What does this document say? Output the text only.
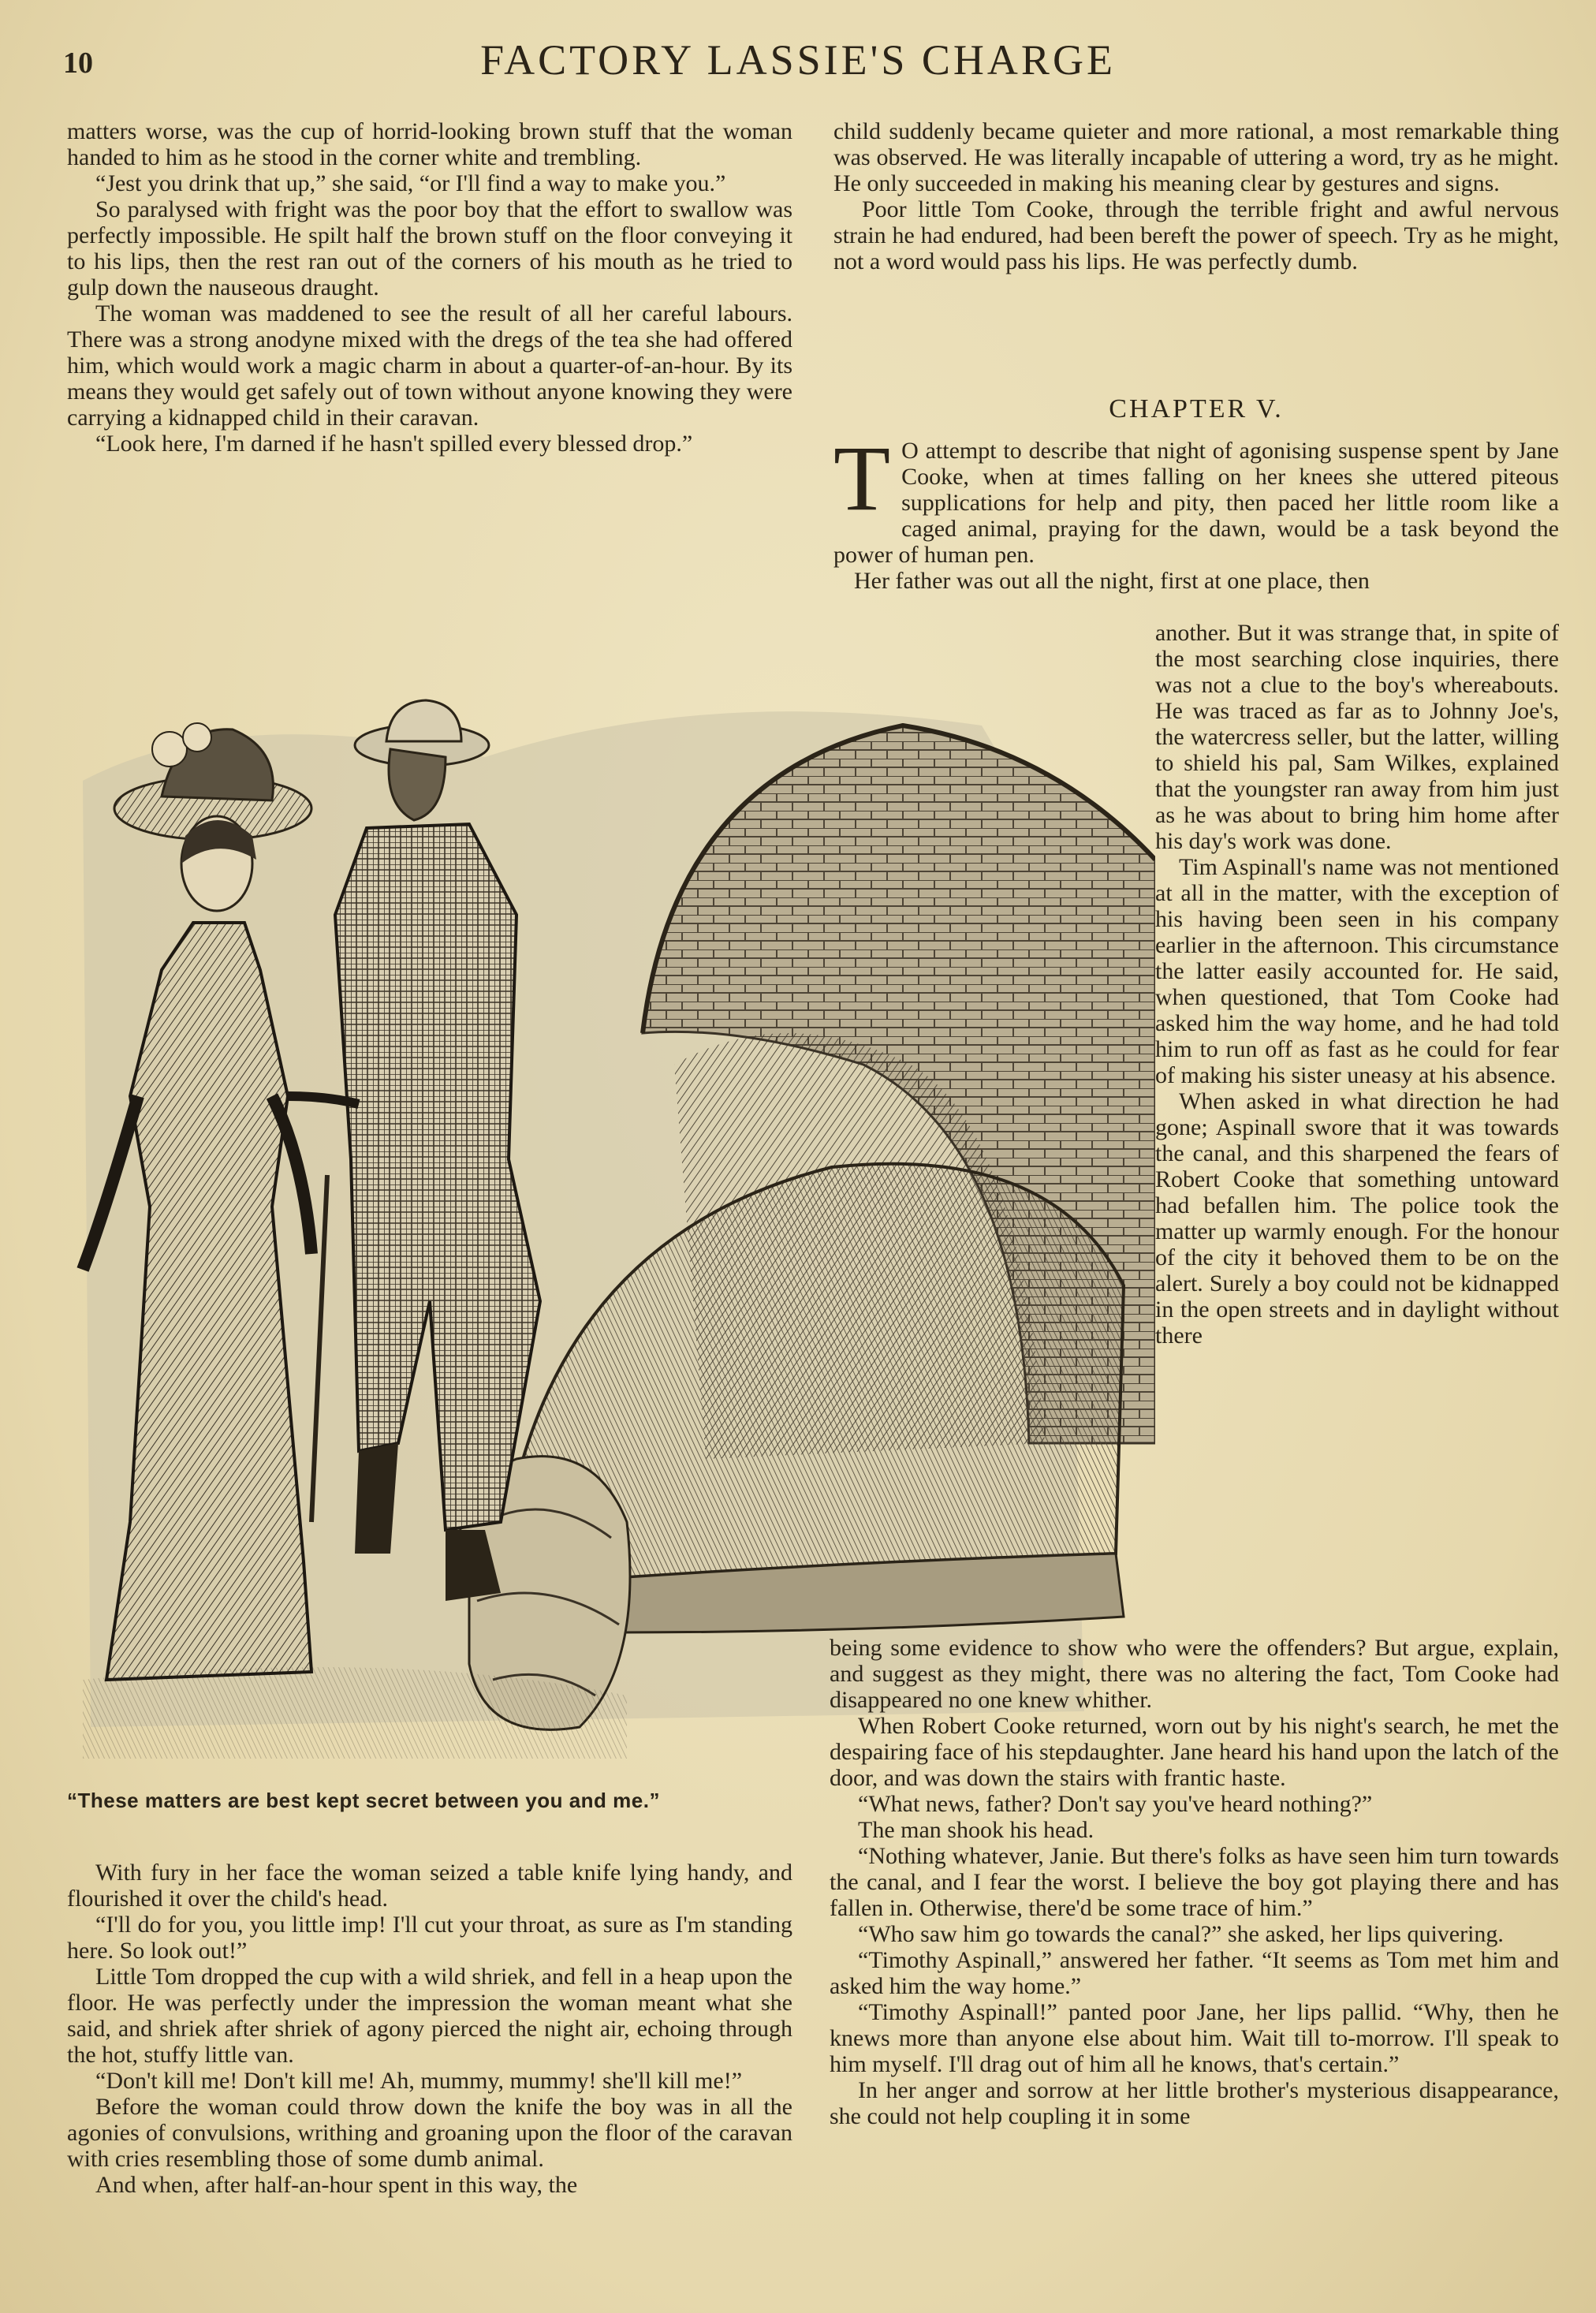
10	FACTORY LASSIE'S CHARGE

matters worse, was the cup of horrid-looking brown stuff that the woman handed to him as he stood in the corner white and trembling.

“Jest you drink that up,” she said, “or I'll find a way to make you.”

So paralysed with fright was the poor boy that the effort to swallow was perfectly impossible. He spilt half the brown stuff on the floor conveying it to his lips, then the rest ran out of the corners of his mouth as he tried to gulp down the nauseous draught.

The woman was maddened to see the result of all her careful labours. There was a strong anodyne mixed with the dregs of the tea she had offered him, which would work a magic charm in about a quarter-of-an-hour. By its means they would get safely out of town without anyone knowing they were carrying a kidnapped child in their caravan.

“Look here, I'm darned if he hasn't spilled every blessed drop.”

“These matters are best kept secret between you and me.”

With fury in her face the woman seized a table knife lying handy, and flourished it over the child's head.

“I'll do for you, you little imp! I'll cut your throat, as sure as I'm standing here. So look out!”

Little Tom dropped the cup with a wild shriek, and fell in a heap upon the floor. He was perfectly under the impression the woman meant what she said, and shriek after shriek of agony pierced the night air, echoing through the hot, stuffy little van.

“Don't kill me! Don't kill me! Ah, mummy, mummy! she'll kill me!”

Before the woman could throw down the knife the boy was in all the agonies of convulsions, writhing and groaning upon the floor of the caravan with cries resembling those of some dumb animal.

And when, after half-an-hour spent in this way, the

child suddenly became quieter and more rational, a most remarkable thing was observed. He was literally incapable of uttering a word, try as he might. He only succeeded in making his meaning clear by gestures and signs.

Poor little Tom Cooke, through the terrible fright and awful nervous strain he had endured, had been bereft the power of speech. Try as he might, not a word would pass his lips. He was perfectly dumb.

CHAPTER V.
T O attempt to describe that night of agonising suspense spent by Jane Cooke, when at times falling on her knees she uttered piteous supplications for help and pity, then paced her little room like a caged animal, praying for the dawn, would be a task beyond the power of human pen.
Her father was out all the night, first at one place, then

another. But it was strange that, in spite of the most searching close inquiries, there was not a clue to the boy's whereabouts. He was traced as far as to Johnny Joe's, the watercress seller, but the latter, willing to shield his pal, Sam Wilkes, explained that the youngster ran away from him just as he was about to bring him home after his day's work was done.

Tim Aspinall's name was not mentioned at all in the matter, with the exception of his having been seen in his company earlier in the afternoon. This circumstance the latter easily accounted for. He said, when questioned, that Tom Cooke had asked him the way home, and he had told him to run off as fast as he could for fear of making his sister uneasy at his absence.

When asked in what direction he had gone; Aspinall swore that it was towards the canal, and this sharpened the fears of Robert Cooke that something untoward had befallen him. The police took the matter up warmly enough. For the honour of the city it behoved them to be on the alert. Surely a boy could not be kidnapped in the open streets and in daylight without there

being some evidence to show who were the offenders? But argue, explain, and suggest as they might, there was no altering the fact, Tom Cooke had disappeared no one knew whither.

When Robert Cooke returned, worn out by his night's search, he met the despairing face of his stepdaughter. Jane heard his hand upon the latch of the door, and was down the stairs with frantic haste.

“What news, father? Don't say you've heard nothing?”

The man shook his head.

“Nothing whatever, Janie. But there's folks as have seen him turn towards the canal, and I fear the worst. I believe the boy got playing there and has fallen in. Otherwise, there'd be some trace of him.”

“Who saw him go towards the canal?” she asked, her lips quivering.

“Timothy Aspinall,” answered her father. “It seems as Tom met him and asked him the way home.”

“Timothy Aspinall!” panted poor Jane, her lips pallid. “Why, then he knews more than anyone else about him. Wait till to-morrow. I'll speak to him myself. I'll drag out of him all he knows, that's certain.”

In her anger and sorrow at her little brother's mysterious disappearance, she could not help coupling it in some
